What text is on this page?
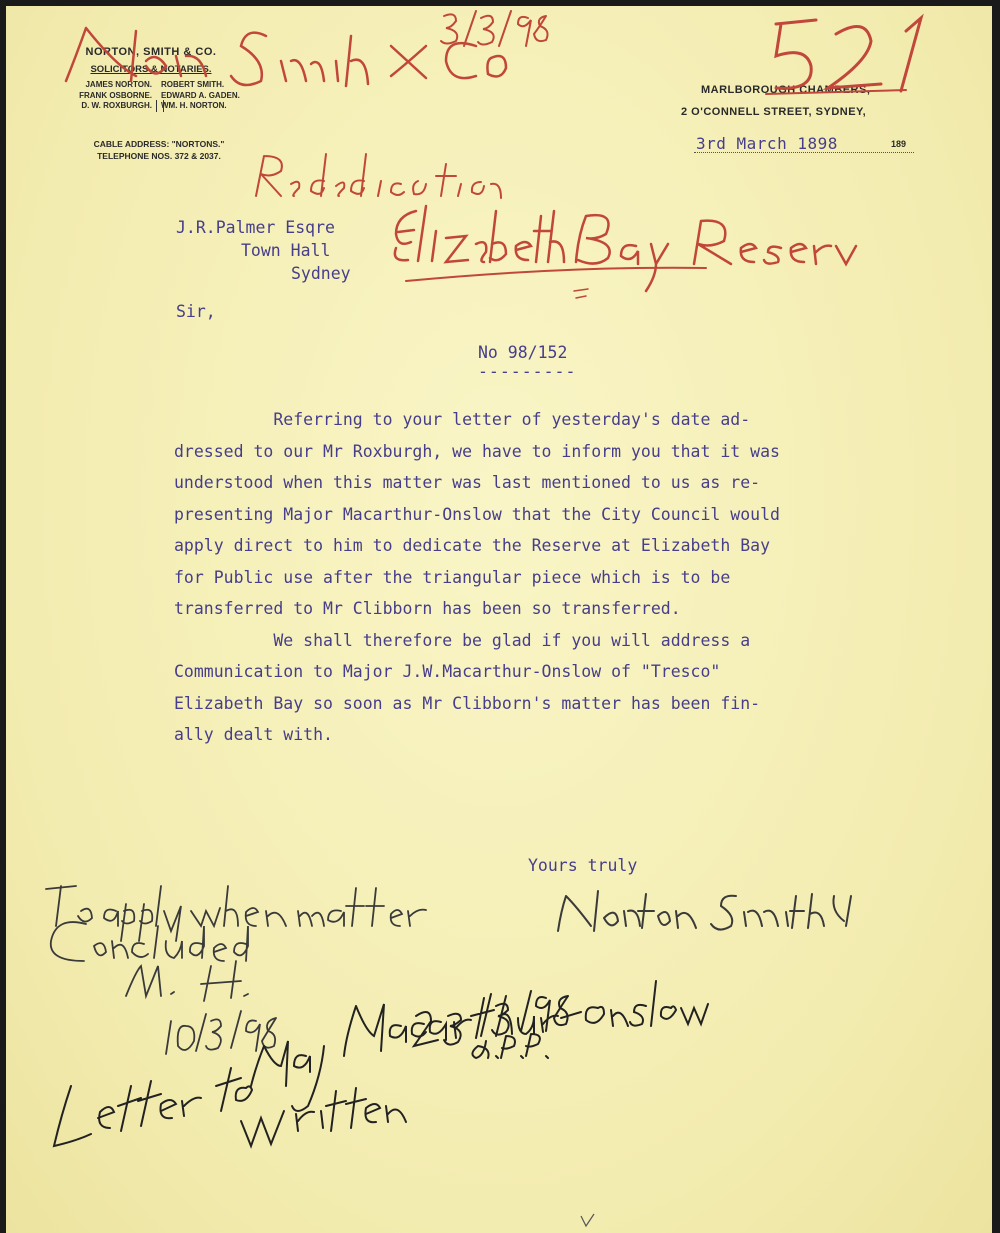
NORTON, SMITH & CO.
SOLICITORS & NOTARIES.
JAMES NORTON.	ROBERT SMITH.
FRANK OSBORNE.	EDWARD A. GADEN.
D. W. ROXBURGH.	WM. H. NORTON.
CABLE ADDRESS: "NORTONS."
TELEPHONE NOS. 372 & 2037.
MARLBOROUGH CHAMBERS,
2 O'CONNELL STREET, SYDNEY,
3rd March 1898	189
J.R.Palmer Esqre
Town Hall
Sydney
Sir,
No 98/152
---------
Referring to your letter of yesterday's date ad-
dressed to our Mr Roxburgh, we have to inform you that it was
understood when this matter was last mentioned to us as re-
presenting Major Macarthur-Onslow that the City Council would
apply direct to him to dedicate the Reserve at Elizabeth Bay
for Public use after the triangular piece which is to be
transferred to Mr Clibborn has been so transferred.
We shall therefore be glad if you will address a
Communication to Major J.W.Macarthur-Onslow of "Tresco"
Elizabeth Bay so soon as Mr Clibborn's matter has been fin-
ally dealt with.
Yours truly
